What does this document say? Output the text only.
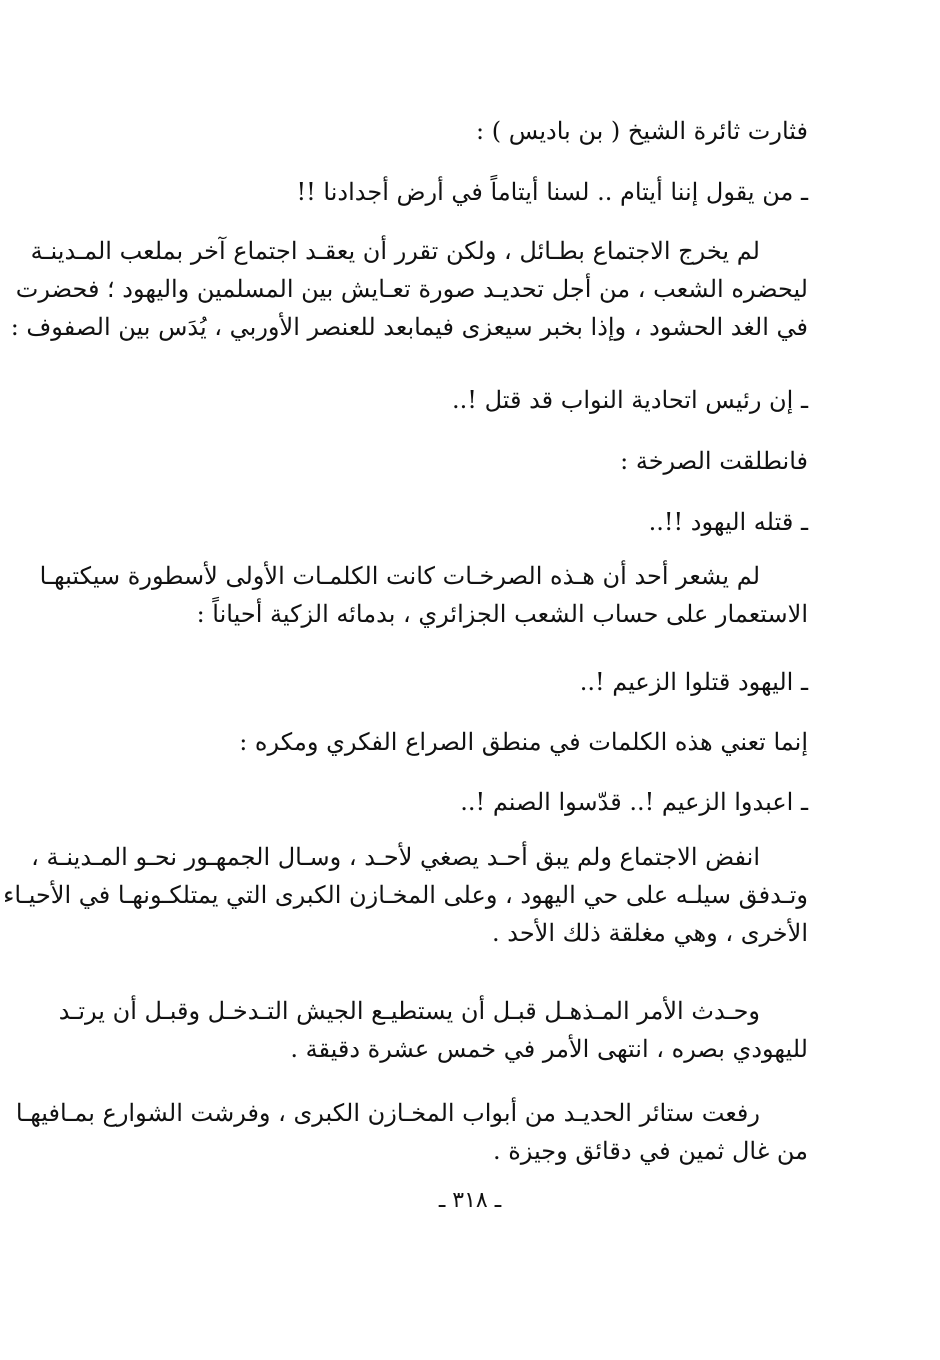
فثارت ثائرة الشيخ ( بن باديس ) :
ـ من يقول إننا أيتام .. لسنا أيتاماً في أرض أجدادنا !!
لم يخرج الاجتماع بطـائل ، ولكن تقرر أن يعقـد اجتماع آخر بملعب المـدينـة
ليحضره الشعب ، من أجل تحديـد صورة تعـايش بين المسلمين واليهود ؛ فحضرت
في الغد الحشود ، وإذا بخبر سيعزى فيمابعد للعنصر الأوربي ، يُدَس بين الصفوف :
ـ إن رئيس اتحادية النواب قد قتل !..
فانطلقت الصرخة :
ـ قتله اليهود !!..
لم يشعر أحد أن هـذه الصرخـات كانت الكلمـات الأولى لأسطورة سيكتبهـا
الاستعمار على حساب الشعب الجزائري ، بدمائه الزكية أحياناً :
ـ اليهود قتلوا الزعيم !..
إنما تعني هذه الكلمات في منطق الصراع الفكري ومكره :
ـ اعبدوا الزعيم !.. قدّسوا الصنم !..
انفض الاجتماع ولم يبق أحـد يصغي لأحـد ، وسـال الجمهـور نحـو المـدينـة ،
وتـدفق سيلـه على حي اليهود ، وعلى المخـازن الكبرى التي يمتلكـونهـا في الأحيـاء
الأخرى ، وهي مغلقة ذلك الأحد .
وحـدث الأمر المـذهـل قبـل أن يستطيـع الجيش التـدخـل وقبـل أن يرتـد
لليهودي بصره ، انتهى الأمر في خمس عشرة دقيقة .
رفعت ستائر الحديـد من أبواب المخـازن الكبرى ، وفرشت الشوارع بمـافيهـا
من غال ثمين في دقائق وجيزة .
ـ ٣١٨ ـ
